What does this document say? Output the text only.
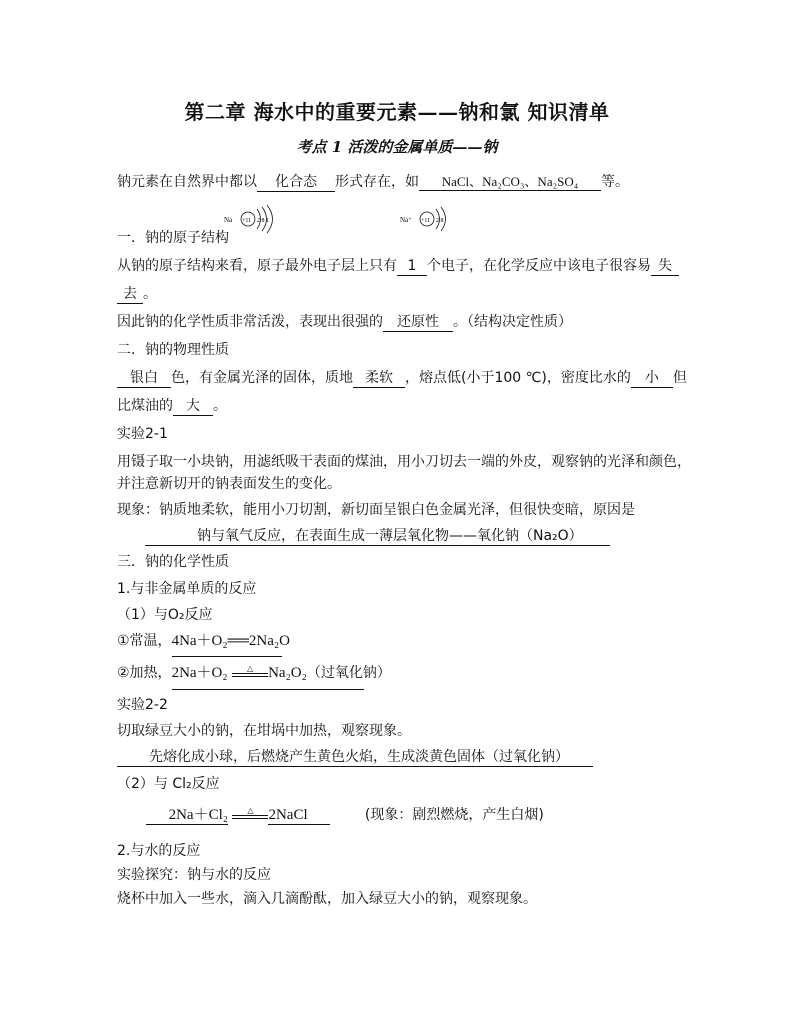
第二章 海水中的重要元素——钠和氯 知识清单
考点 1 活泼的金属单质——钠
钠元素在自然界中都以 化合态 形式存在，如 NaCl、Na₂CO₃、Na₂SO₄ 等。
Na +11 2 8 1	Na⁺ +11 2 8
一．钠的原子结构
从钠的原子结构来看，原子最外电子层上只有 1 个电子，在化学反应中该电子很容易 失
去 。
因此钠的化学性质非常活泼，表现出很强的 还原性 。（结构决定性质）
二．钠的物理性质
银白 色，有金属光泽的固体，质地 柔软 ，熔点低(小于100 ℃)，密度比水的 小 但
比煤油的 大 。
实验2-1
用镊子取一小块钠，用滤纸吸干表面的煤油，用小刀切去一端的外皮，观察钠的光泽和颜色，
并注意新切开的钠表面发生的变化。
现象：钠质地柔软，能用小刀切割，新切面呈银白色金属光泽，但很快变暗，原因是
钠与氧气反应，在表面生成一薄层氧化物——氧化钠（Na₂O）
三．钠的化学性质
1.与非金属单质的反应
（1）与O₂反应
①常温，4Na＋O₂══2Na₂O
②加热，2Na＋O₂	△ Na₂O₂（过氧化钠）
实验2-2
切取绿豆大小的钠，在坩埚中加热，观察现象。
先熔化成小球，后燃烧产生黄色火焰，生成淡黄色固体（过氧化钠）
（2）与 Cl₂反应
2Na＋Cl₂	△ 2NaCl	(现象：剧烈燃烧，产生白烟)
2.与水的反应
实验探究：钠与水的反应
烧杯中加入一些水，滴入几滴酚酞，加入绿豆大小的钠，观察现象。
